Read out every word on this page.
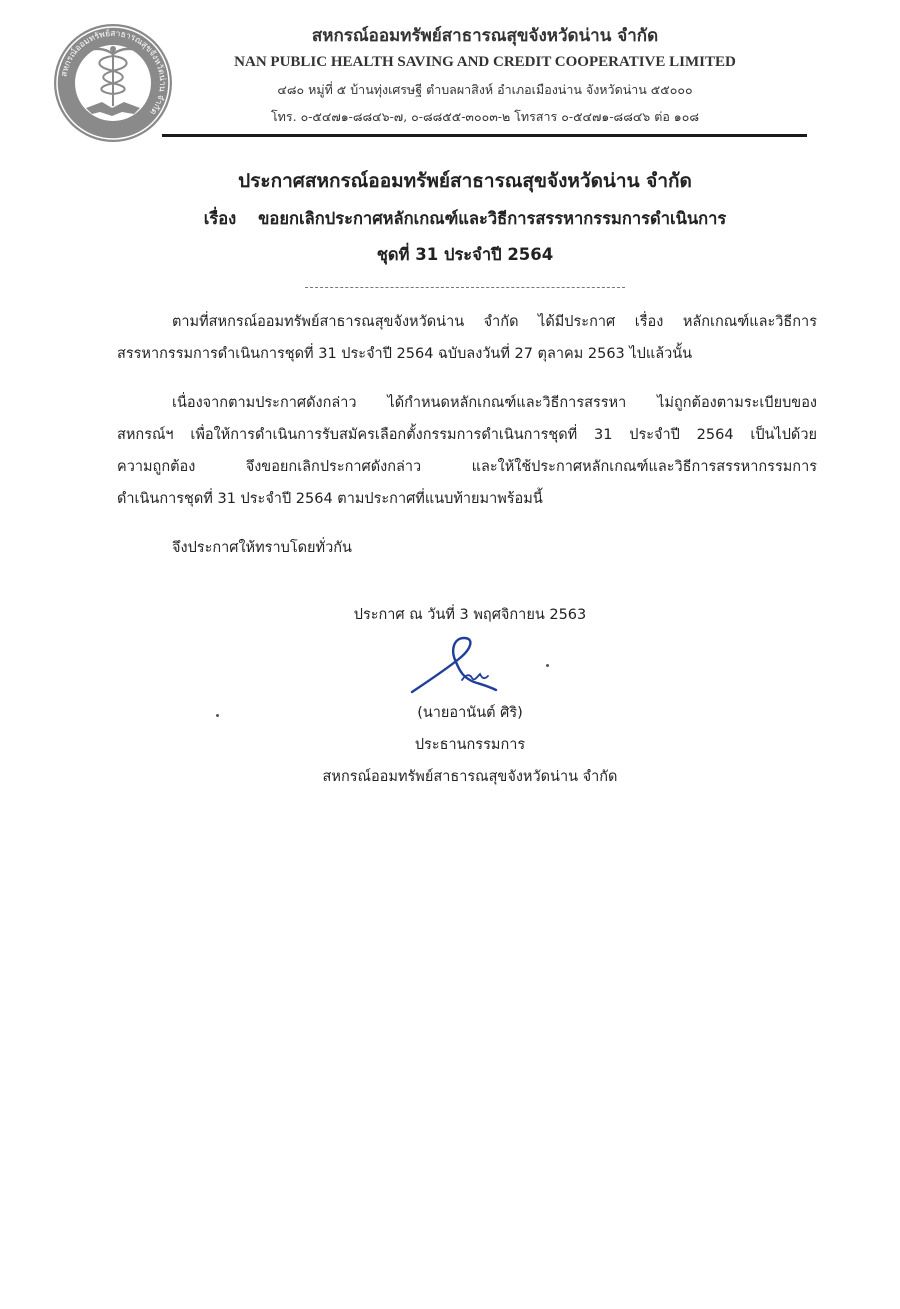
สหกรณ์ออมทรัพย์สาธารณสุขจังหวัดน่าน จำกัด
สหกรณ์ออมทรัพย์สาธารณสุขจังหวัดน่าน จำกัด
NAN PUBLIC HEALTH SAVING AND CREDIT COOPERATIVE LIMITED
๔๘๐ หมู่ที่ ๕ บ้านทุ่งเศรษฐี ตำบลผาสิงห์ อำเภอเมืองน่าน จังหวัดน่าน ๕๕๐๐๐
โทร. ๐-๕๔๗๑-๘๘๔๖-๗, ๐-๘๘๕๕-๓๐๐๓-๒ โทรสาร ๐-๕๔๗๑-๘๘๔๖ ต่อ ๑๐๘
ประกาศสหกรณ์ออมทรัพย์สาธารณสุขจังหวัดน่าน จำกัด
เรื่อง ขอยกเลิกประกาศหลักเกณฑ์และวิธีการสรรหากรรมการดำเนินการ
ชุดที่ 31 ประจำปี 2564
ตามที่สหกรณ์ออมทรัพย์สาธารณสุขจังหวัดน่าน จำกัด ได้มีประกาศ เรื่อง หลักเกณฑ์และวิธีการ
สรรหากรรมการดำเนินการชุดที่ 31 ประจำปี 2564 ฉบับลงวันที่ 27 ตุลาคม 2563 ไปแล้วนั้น
เนื่องจากตามประกาศดังกล่าว ได้กำหนดหลักเกณฑ์และวิธีการสรรหา ไม่ถูกต้องตามระเบียบของ
สหกรณ์ฯ เพื่อให้การดำเนินการรับสมัครเลือกตั้งกรรมการดำเนินการชุดที่ 31 ประจำปี 2564 เป็นไปด้วย
ความถูกต้อง จึงขอยกเลิกประกาศดังกล่าว และให้ใช้ประกาศหลักเกณฑ์และวิธีการสรรหากรรมการ
ดำเนินการชุดที่ 31 ประจำปี 2564 ตามประกาศที่แนบท้ายมาพร้อมนี้
จึงประกาศให้ทราบโดยทั่วกัน
ประกาศ ณ วันที่ 3 พฤศจิกายน 2563
(นายอานันต์ ศิริ)
ประธานกรรมการ
สหกรณ์ออมทรัพย์สาธารณสุขจังหวัดน่าน จำกัด
